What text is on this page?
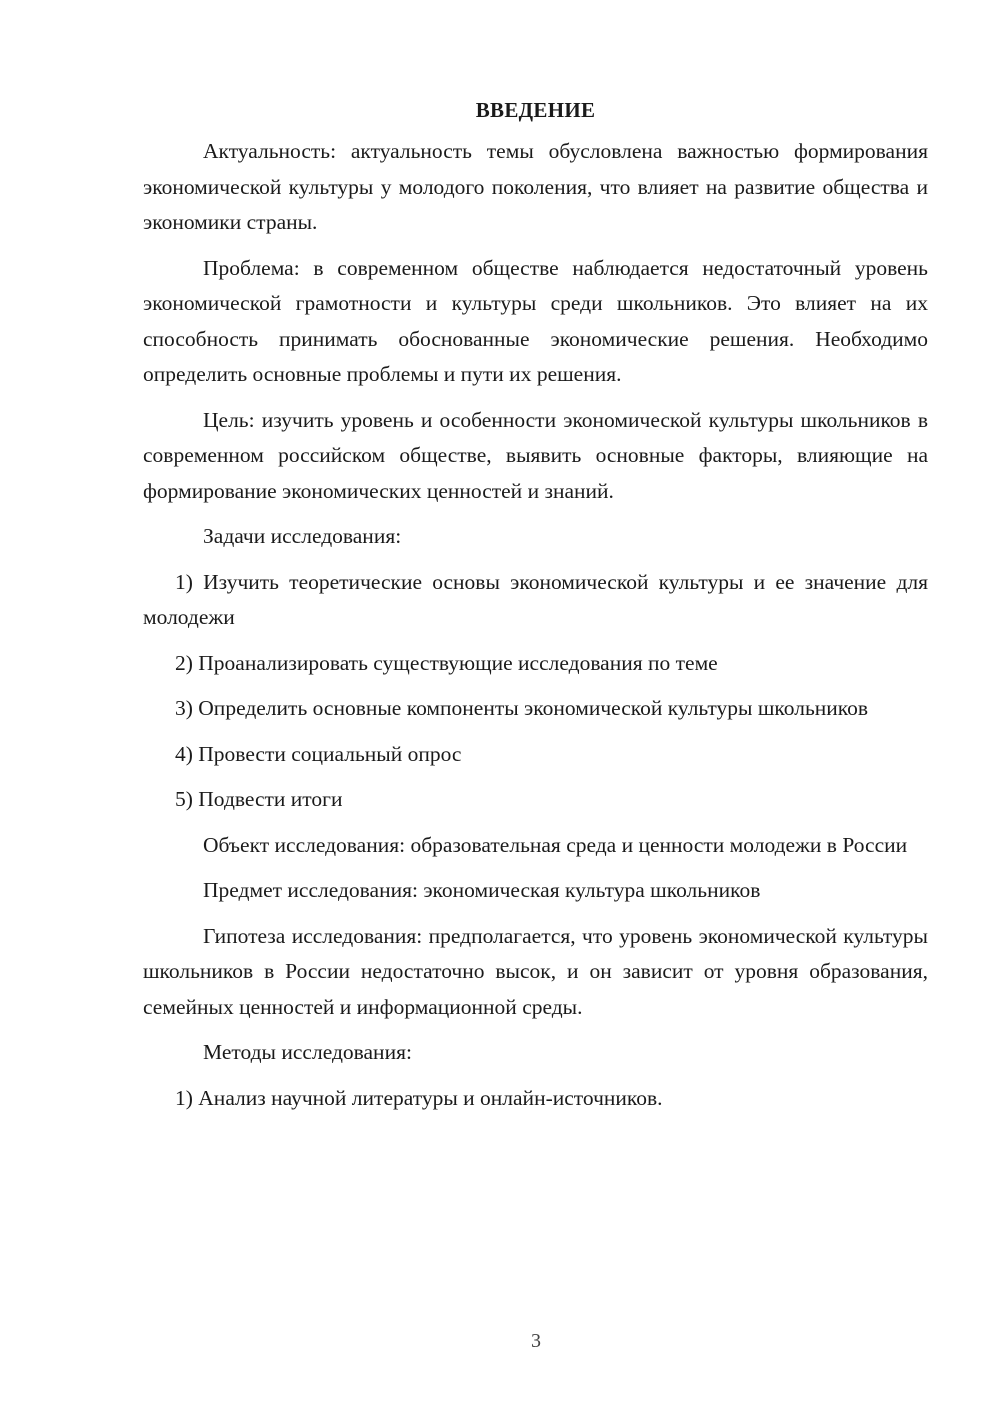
ВВЕДЕНИЕ

Актуальность: актуальность темы обусловлена важностью формирования экономической культуры у молодого поколения, что влияет на развитие общества и экономики страны.

Проблема: в современном обществе наблюдается недостаточный уровень экономической грамотности и культуры среди школьников. Это влияет на их способность принимать обоснованные экономические решения. Необходимо определить основные проблемы и пути их решения.

Цель: изучить уровень и особенности экономической культуры школьников в современном российском обществе, выявить основные факторы, влияющие на формирование экономических ценностей и знаний.

Задачи исследования:

1) Изучить теоретические основы экономической культуры и ее значение для молодежи

2) Проанализировать существующие исследования по теме

3) Определить основные компоненты экономической культуры школьников

4) Провести социальный опрос

5) Подвести итоги

Объект исследования: образовательная среда и ценности молодежи в России

Предмет исследования: экономическая культура школьников

Гипотеза исследования: предполагается, что уровень экономической культуры школьников в России недостаточно высок, и он зависит от уровня образования, семейных ценностей и информационной среды.

Методы исследования:

1) Анализ научной литературы и онлайн-источников.

3
